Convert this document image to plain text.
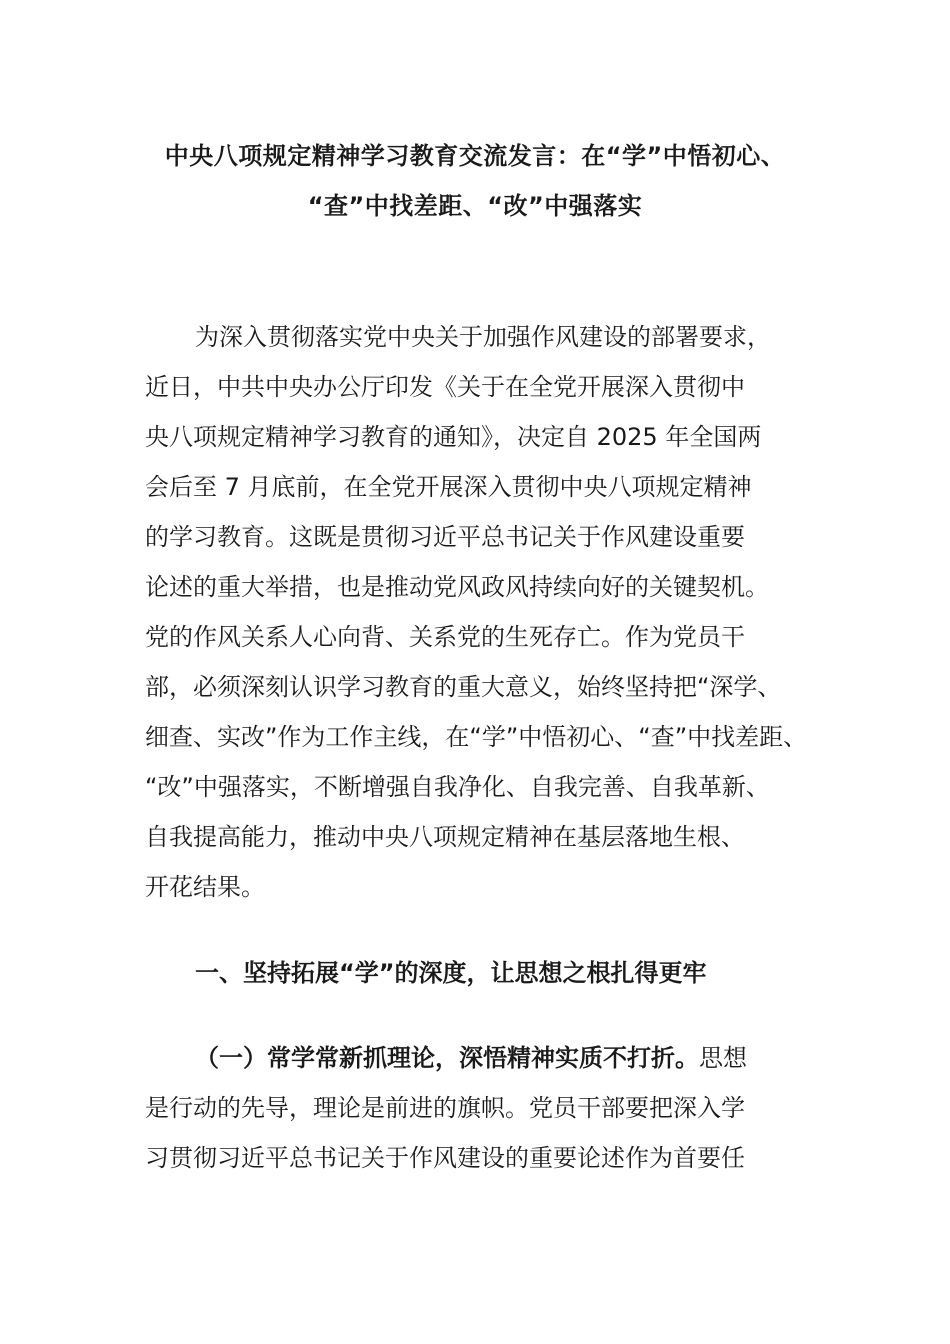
中央八项规定精神学习教育交流发言：在“学”中悟初心、
“查”中找差距、“改”中强落实
为深入贯彻落实党中央关于加强作风建设的部署要求，
近日，中共中央办公厅印发《关于在全党开展深入贯彻中
央八项规定精神学习教育的通知》，决定自 2025 年全国两
会后至 7 月底前，在全党开展深入贯彻中央八项规定精神
的学习教育。这既是贯彻习近平总书记关于作风建设重要
论述的重大举措，也是推动党风政风持续向好的关键契机。
党的作风关系人心向背、关系党的生死存亡。作为党员干
部，必须深刻认识学习教育的重大意义，始终坚持把“深学、
细查、实改”作为工作主线，在“学”中悟初心、“查”中找差距、
“改”中强落实，不断增强自我净化、自我完善、自我革新、
自我提高能力，推动中央八项规定精神在基层落地生根、
开花结果。
一、坚持拓展“学”的深度，让思想之根扎得更牢
（一）常学常新抓理论，深悟精神实质不打折。思想
是行动的先导，理论是前进的旗帜。党员干部要把深入学
习贯彻习近平总书记关于作风建设的重要论述作为首要任
